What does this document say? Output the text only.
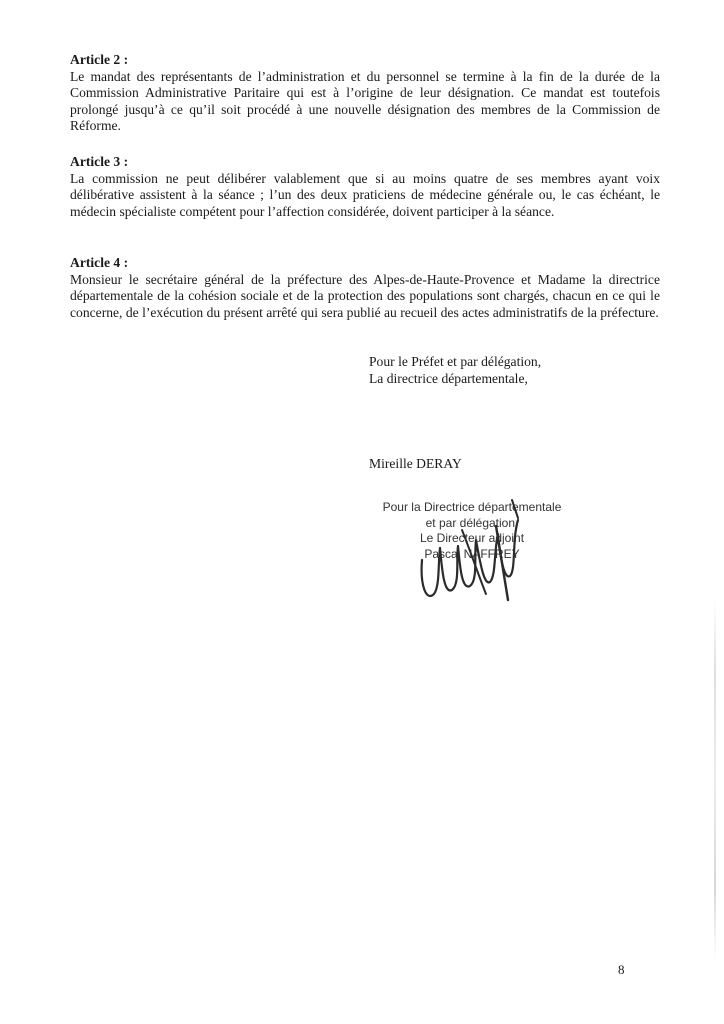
Article 2 :

Le mandat des représentants de l’administration et du personnel se termine à la fin de la durée de la Commission Administrative Paritaire qui est à l’origine de leur désignation. Ce mandat est toutefois prolongé jusqu’à ce qu’il soit procédé à une nouvelle désignation des membres de la Commission de Réforme.

Article 3 :

La commission ne peut délibérer valablement que si au moins quatre de ses membres ayant voix délibérative assistent à la séance ; l’un des deux praticiens de médecine générale ou, le cas échéant, le médecin spécialiste compétent pour l’affection considérée, doivent participer à la séance.

Article 4 :

Monsieur le secrétaire général de la préfecture des Alpes-de-Haute-Provence et Madame la directrice départementale de la cohésion sociale et de la protection des populations sont chargés, chacun en ce qui le concerne, de l’exécution du présent arrêté qui sera publié au recueil des actes administratifs de la préfecture.

Pour le Préfet et par délégation,
La directrice départementale,
Mireille DERAY
Pour la Directrice départementale
et par délégation,
Le Directeur adjoint
Pascal NAFFREY
8
